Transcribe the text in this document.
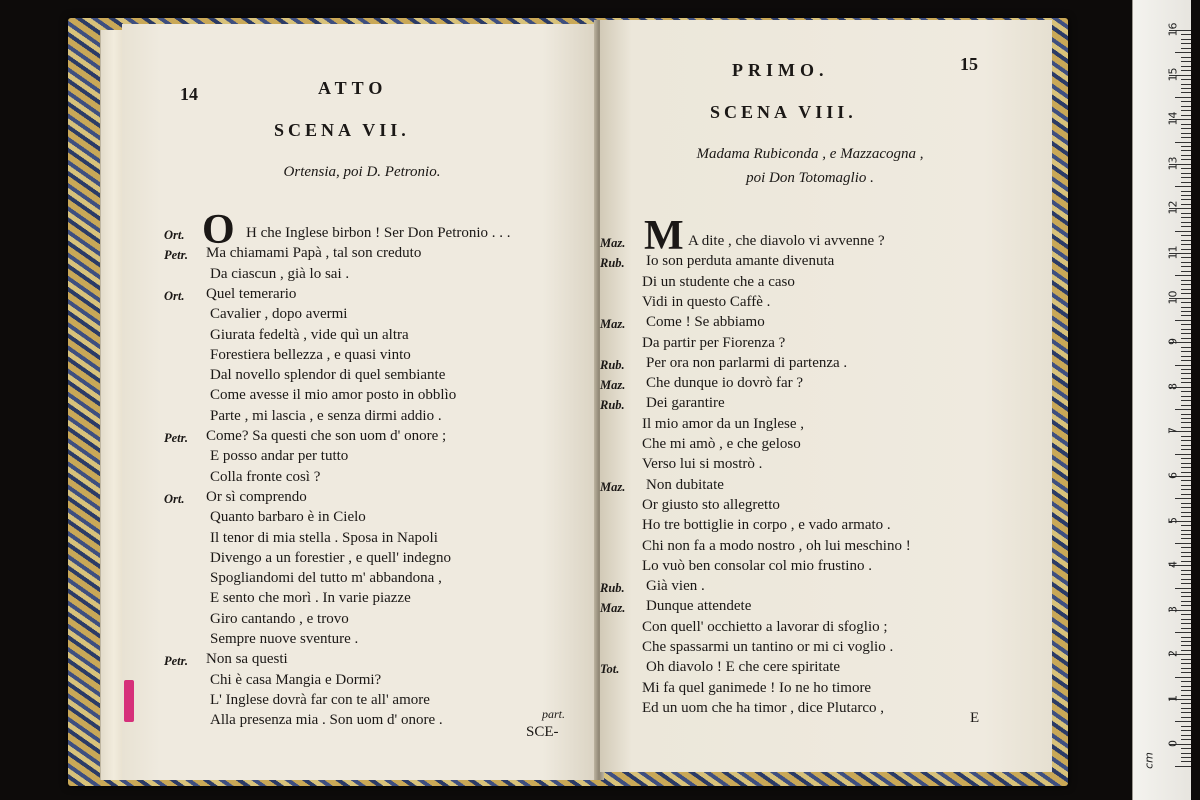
14	ATTO
SCENA VII.
Ortensia, poi D. Petronio.
O
Ort.	H che Inglese birbon ! Ser Don Petronio . . .
Petr. Ma chiamami Papà , tal son creduto
Da ciascun , già lo sai .
Ort. Quel temerario
Cavalier , dopo avermi
Giurata fedeltà , vide quì un altra
Forestiera bellezza , e quasi vinto
Dal novello splendor di quel sembiante
Come avesse il mio amor posto in obblìo
Parte , mi lascia , e senza dirmi addio .
Petr. Come? Sa questi che son uom d' onore ;
E posso andar per tutto
Colla fronte così ?
Ort. Or sì comprendo
Quanto barbaro è in Cielo
Il tenor di mia stella . Sposa in Napoli
Divengo a un forestier , e quell' indegno
Spogliandomi del tutto m' abbandona ,
E sento che morì . In varie piazze
Giro cantando , e trovo
Sempre nuove sventure .
Petr. Non sa questi
Chi è casa Mangia e Dormi?
L' Inglese dovrà far con te all' amore
Alla presenza mia . Son uom d' onore .	part.
SCE-
PRIMO.	15
SCENA VIII.
Madama Rubiconda , e Mazzacogna ,
poi Don Totomaglio .
M
Maz.	A dite , che diavolo vi avvenne ?
Rub. Io son perduta amante divenuta
Di un studente che a caso
Vidi in questo Caffè .
Maz. Come ! Se abbiamo
Da partir per Fiorenza ?
Rub. Per ora non parlarmi di partenza .
Maz. Che dunque io dovrò far ?
Rub. Dei garantire
Il mio amor da un Inglese ,
Che mi amò , e che geloso
Verso lui si mostrò .
Maz. Non dubitate
Or giusto sto allegretto
Ho tre bottiglie in corpo , e vado armato .
Chi non fa a modo nostro , oh lui meschino !
Lo vuò ben consolar col mio frustino .
Rub. Già vien .
Maz. Dunque attendete
Con quell' occhietto a lavorar di sfoglio ;
Che spassarmi un tantino or mi ci voglio .
Tot. Oh diavolo ! E che cere spiritate
Mi fa quel ganimede ! Io ne ho timore
Ed un uom che ha timor , dice Plutarco ,
E
16
15
14
13
12
11
10
9
8
7
6
5
4
3
2
1
0
cm
